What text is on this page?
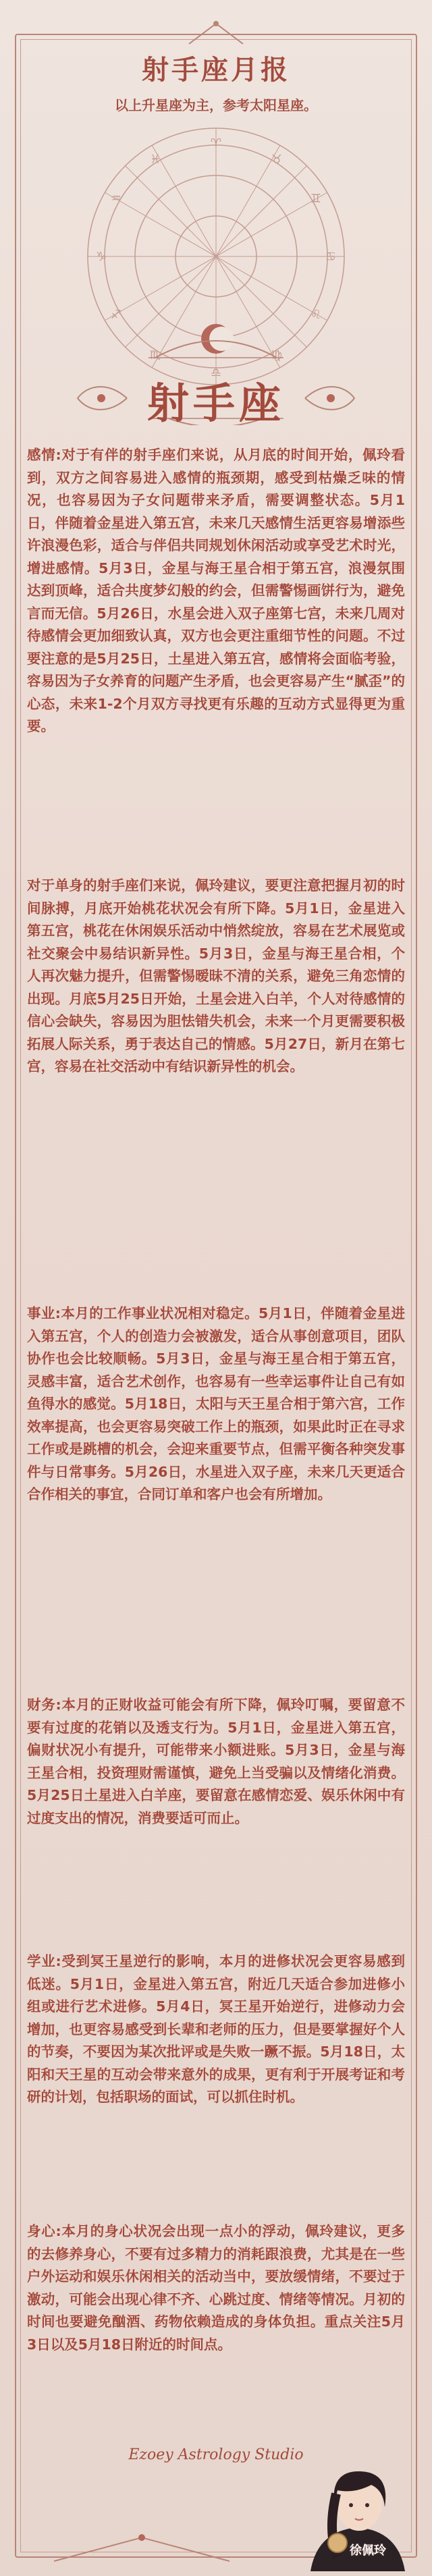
射手座月报
以上升星座为主，参考太阳星座。
♈
♉
♊
♋
♌
♍
♎
♏
♐
♑
♒
♓
射手座
感情:对于有伴的射手座们来说，从月底的时间开始，佩玲看到，双方之间容易进入感情的瓶颈期，感受到枯燥乏味的情况，也容易因为子女问题带来矛盾，需要调整状态。5月1日，伴随着金星进入第五宫，未来几天感情生活更容易增添些许浪漫色彩，适合与伴侣共同规划休闲活动或享受艺术时光，增进感情。5月3日，金星与海王星合相于第五宫，浪漫氛围达到顶峰，适合共度梦幻般的约会，但需警惕画饼行为，避免言而无信。5月26日，水星会进入双子座第七宫，未来几周对待感情会更加细致认真，双方也会更注重细节性的问题。不过要注意的是5月25日，土星进入第五宫，感情将会面临考验，容易因为子女养育的问题产生矛盾，也会更容易产生“腻歪”的心态，未来1-2个月双方寻找更有乐趣的互动方式显得更为重要。
对于单身的射手座们来说，佩玲建议，要更注意把握月初的时间脉搏，月底开始桃花状况会有所下降。5月1日，金星进入第五宫，桃花在休闲娱乐活动中悄然绽放，容易在艺术展览或社交聚会中易结识新异性。5月3日，金星与海王星合相，个人再次魅力提升，但需警惕暧昧不清的关系，避免三角恋情的出现。月底5月25日开始，土星会进入白羊，个人对待感情的信心会缺失，容易因为胆怯错失机会，未来一个月更需要积极拓展人际关系，勇于表达自己的情感。5月27日，新月在第七宫，容易在社交活动中有结识新异性的机会。
事业:本月的工作事业状况相对稳定。5月1日，伴随着金星进入第五宫，个人的创造力会被激发，适合从事创意项目，团队协作也会比较顺畅。5月3日，金星与海王星合相于第五宫，灵感丰富，适合艺术创作，也容易有一些幸运事件让自己有如鱼得水的感觉。5月18日，太阳与天王星合相于第六宫，工作效率提高，也会更容易突破工作上的瓶颈，如果此时正在寻求工作或是跳槽的机会，会迎来重要节点，但需平衡各种突发事件与日常事务。5月26日，水星进入双子座，未来几天更适合合作相关的事宜，合同订单和客户也会有所增加。
财务:本月的正财收益可能会有所下降，佩玲叮嘱，要留意不要有过度的花销以及透支行为。5月1日，金星进入第五宫，偏财状况小有提升，可能带来小额进账。5月3日，金星与海王星合相，投资理财需谨慎，避免上当受骗以及情绪化消费。5月25日土星进入白羊座，要留意在感情恋爱、娱乐休闲中有过度支出的情况，消费要适可而止。
学业:受到冥王星逆行的影响，本月的进修状况会更容易感到低迷。5月1日，金星进入第五宫，附近几天适合参加进修小组或进行艺术进修。5月4日，冥王星开始逆行，进修动力会增加，也更容易感受到长辈和老师的压力，但是要掌握好个人的节奏，不要因为某次批评或是失败一蹶不振。5月18日，太阳和天王星的互动会带来意外的成果，更有利于开展考证和考研的计划，包括职场的面试，可以抓住时机。
身心:本月的身心状况会出现一点小的浮动，佩玲建议，更多的去修养身心，不要有过多精力的消耗跟浪费，尤其是在一些户外运动和娱乐休闲相关的活动当中，要放缓情绪，不要过于激动，可能会出现心律不齐、心跳过度、情绪等情况。月初的时间也要避免酗酒、药物依赖造成的身体负担。重点关注5月3日以及5月18日附近的时间点。
Ezoey Astrology Studio
徐佩玲
